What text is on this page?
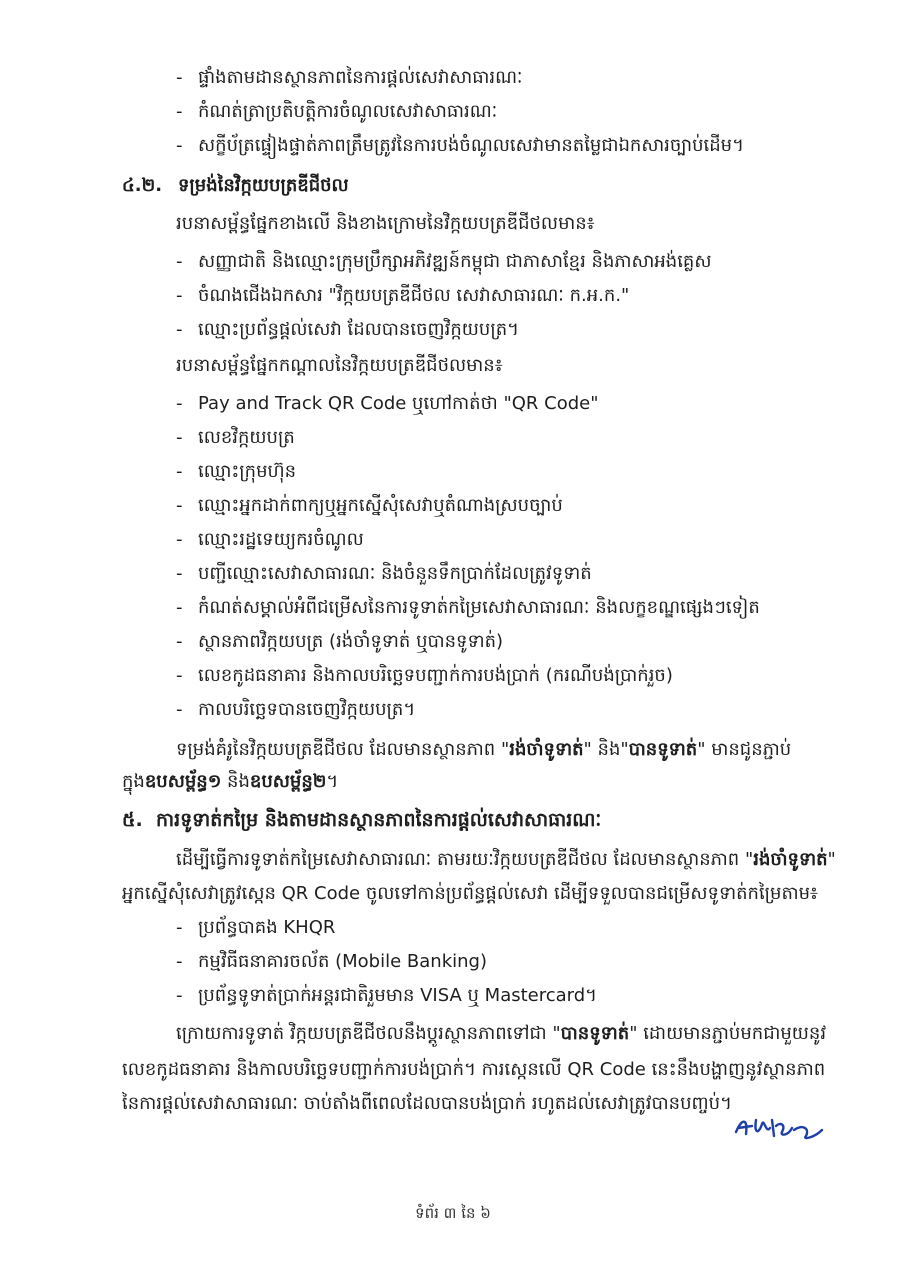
- ផ្ទាំងតាមដានស្ថានភាពនៃការផ្តល់សេវាសាធារណៈ
- កំណត់ត្រាប្រតិបត្តិការចំណូលសេវាសាធារណៈ
- សក្ខីប័ត្រផ្ទៀងផ្ទាត់ភាពត្រឹមត្រូវនៃការបង់ចំណូលសេវាមានតម្លៃជាឯកសារច្បាប់ដើម។
៤.២. ទម្រង់នៃវិក្កយបត្រឌីជីថល
របនាសម្ព័ន្ធផ្នែកខាងលើ និងខាងក្រោមនៃវិក្កយបត្រឌីជីថលមាន៖
- សញ្ញាជាតិ និងឈ្មោះក្រុមប្រឹក្សាអភិវឌ្ឍន៍កម្ពុជា ជាភាសាខ្មែរ និងភាសាអង់គ្លេស
- ចំណងជើងឯកសារ "វិក្កយបត្រឌីជីថល សេវាសាធារណៈ ក.អ.ក."
- ឈ្មោះប្រព័ន្ធផ្តល់សេវា ដែលបានចេញវិក្កយបត្រ។
របនាសម្ព័ន្ធផ្នែកកណ្តាលនៃវិក្កយបត្រឌីជីថលមាន៖
- Pay and Track QR Code ឬហៅកាត់ថា "QR Code"
- លេខវិក្កយបត្រ
- ឈ្មោះក្រុមហ៊ុន
- ឈ្មោះអ្នកដាក់ពាក្យឬអ្នកស្នើសុំសេវាឬតំណាងស្របច្បាប់
- ឈ្មោះរដ្ឋទេយ្យករចំណូល
- បញ្ជីឈ្មោះសេវាសាធារណៈ និងចំនួនទឹកប្រាក់ដែលត្រូវទូទាត់
- កំណត់សម្គាល់អំពីជម្រើសនៃការទូទាត់កម្រៃសេវាសាធារណៈ និងលក្ខខណ្ឌផ្សេងៗទៀត
- ស្ថានភាពវិក្កយបត្រ (រង់ចាំទូទាត់ ឬបានទូទាត់)
- លេខកូដធនាគារ និងកាលបរិច្ឆេទបញ្ជាក់ការបង់ប្រាក់ (ករណីបង់ប្រាក់រួច)
- កាលបរិច្ឆេទបានចេញវិក្កយបត្រ។
ទម្រង់គំរូនៃវិក្កយបត្រឌីជីថល ដែលមានស្ថានភាព "រង់ចាំទូទាត់" និង"បានទូទាត់" មានជូនភ្ជាប់
ក្នុងឧបសម្ព័ន្ធ១ និងឧបសម្ព័ន្ធ២។
៥. ការទូទាត់កម្រៃ និងតាមដានស្ថានភាពនៃការផ្តល់សេវាសាធារណៈ
ដើម្បីធ្វើការទូទាត់កម្រៃសេវាសាធារណៈ តាមរយៈវិក្កយបត្រឌីជីថល ដែលមានស្ថានភាព "រង់ចាំទូទាត់"
អ្នកស្នើសុំសេវាត្រូវស្កេន QR Code ចូលទៅកាន់ប្រព័ន្ធផ្តល់សេវា ដើម្បីទទួលបានជម្រើសទូទាត់កម្រៃតាម៖
- ប្រព័ន្ធបាគង KHQR
- កម្មវិធីធនាគារចល័ត (Mobile Banking)
- ប្រព័ន្ធទូទាត់ប្រាក់អន្តរជាតិរួមមាន VISA ឬ Mastercard។
ក្រោយការទូទាត់ វិក្កយបត្រឌីជីថលនឹងប្តូរស្ថានភាពទៅជា "បានទូទាត់" ដោយមានភ្ជាប់មកជាមួយនូវ
លេខកូដធនាគារ និងកាលបរិច្ឆេទបញ្ជាក់ការបង់ប្រាក់។ ការស្កេនលើ QR Code នេះនឹងបង្ហាញនូវស្ថានភាព
នៃការផ្តល់សេវាសាធារណៈ ចាប់តាំងពីពេលដែលបានបង់ប្រាក់ រហូតដល់សេវាត្រូវបានបញ្ចប់។
ទំព័រ ៣ នៃ ៦
